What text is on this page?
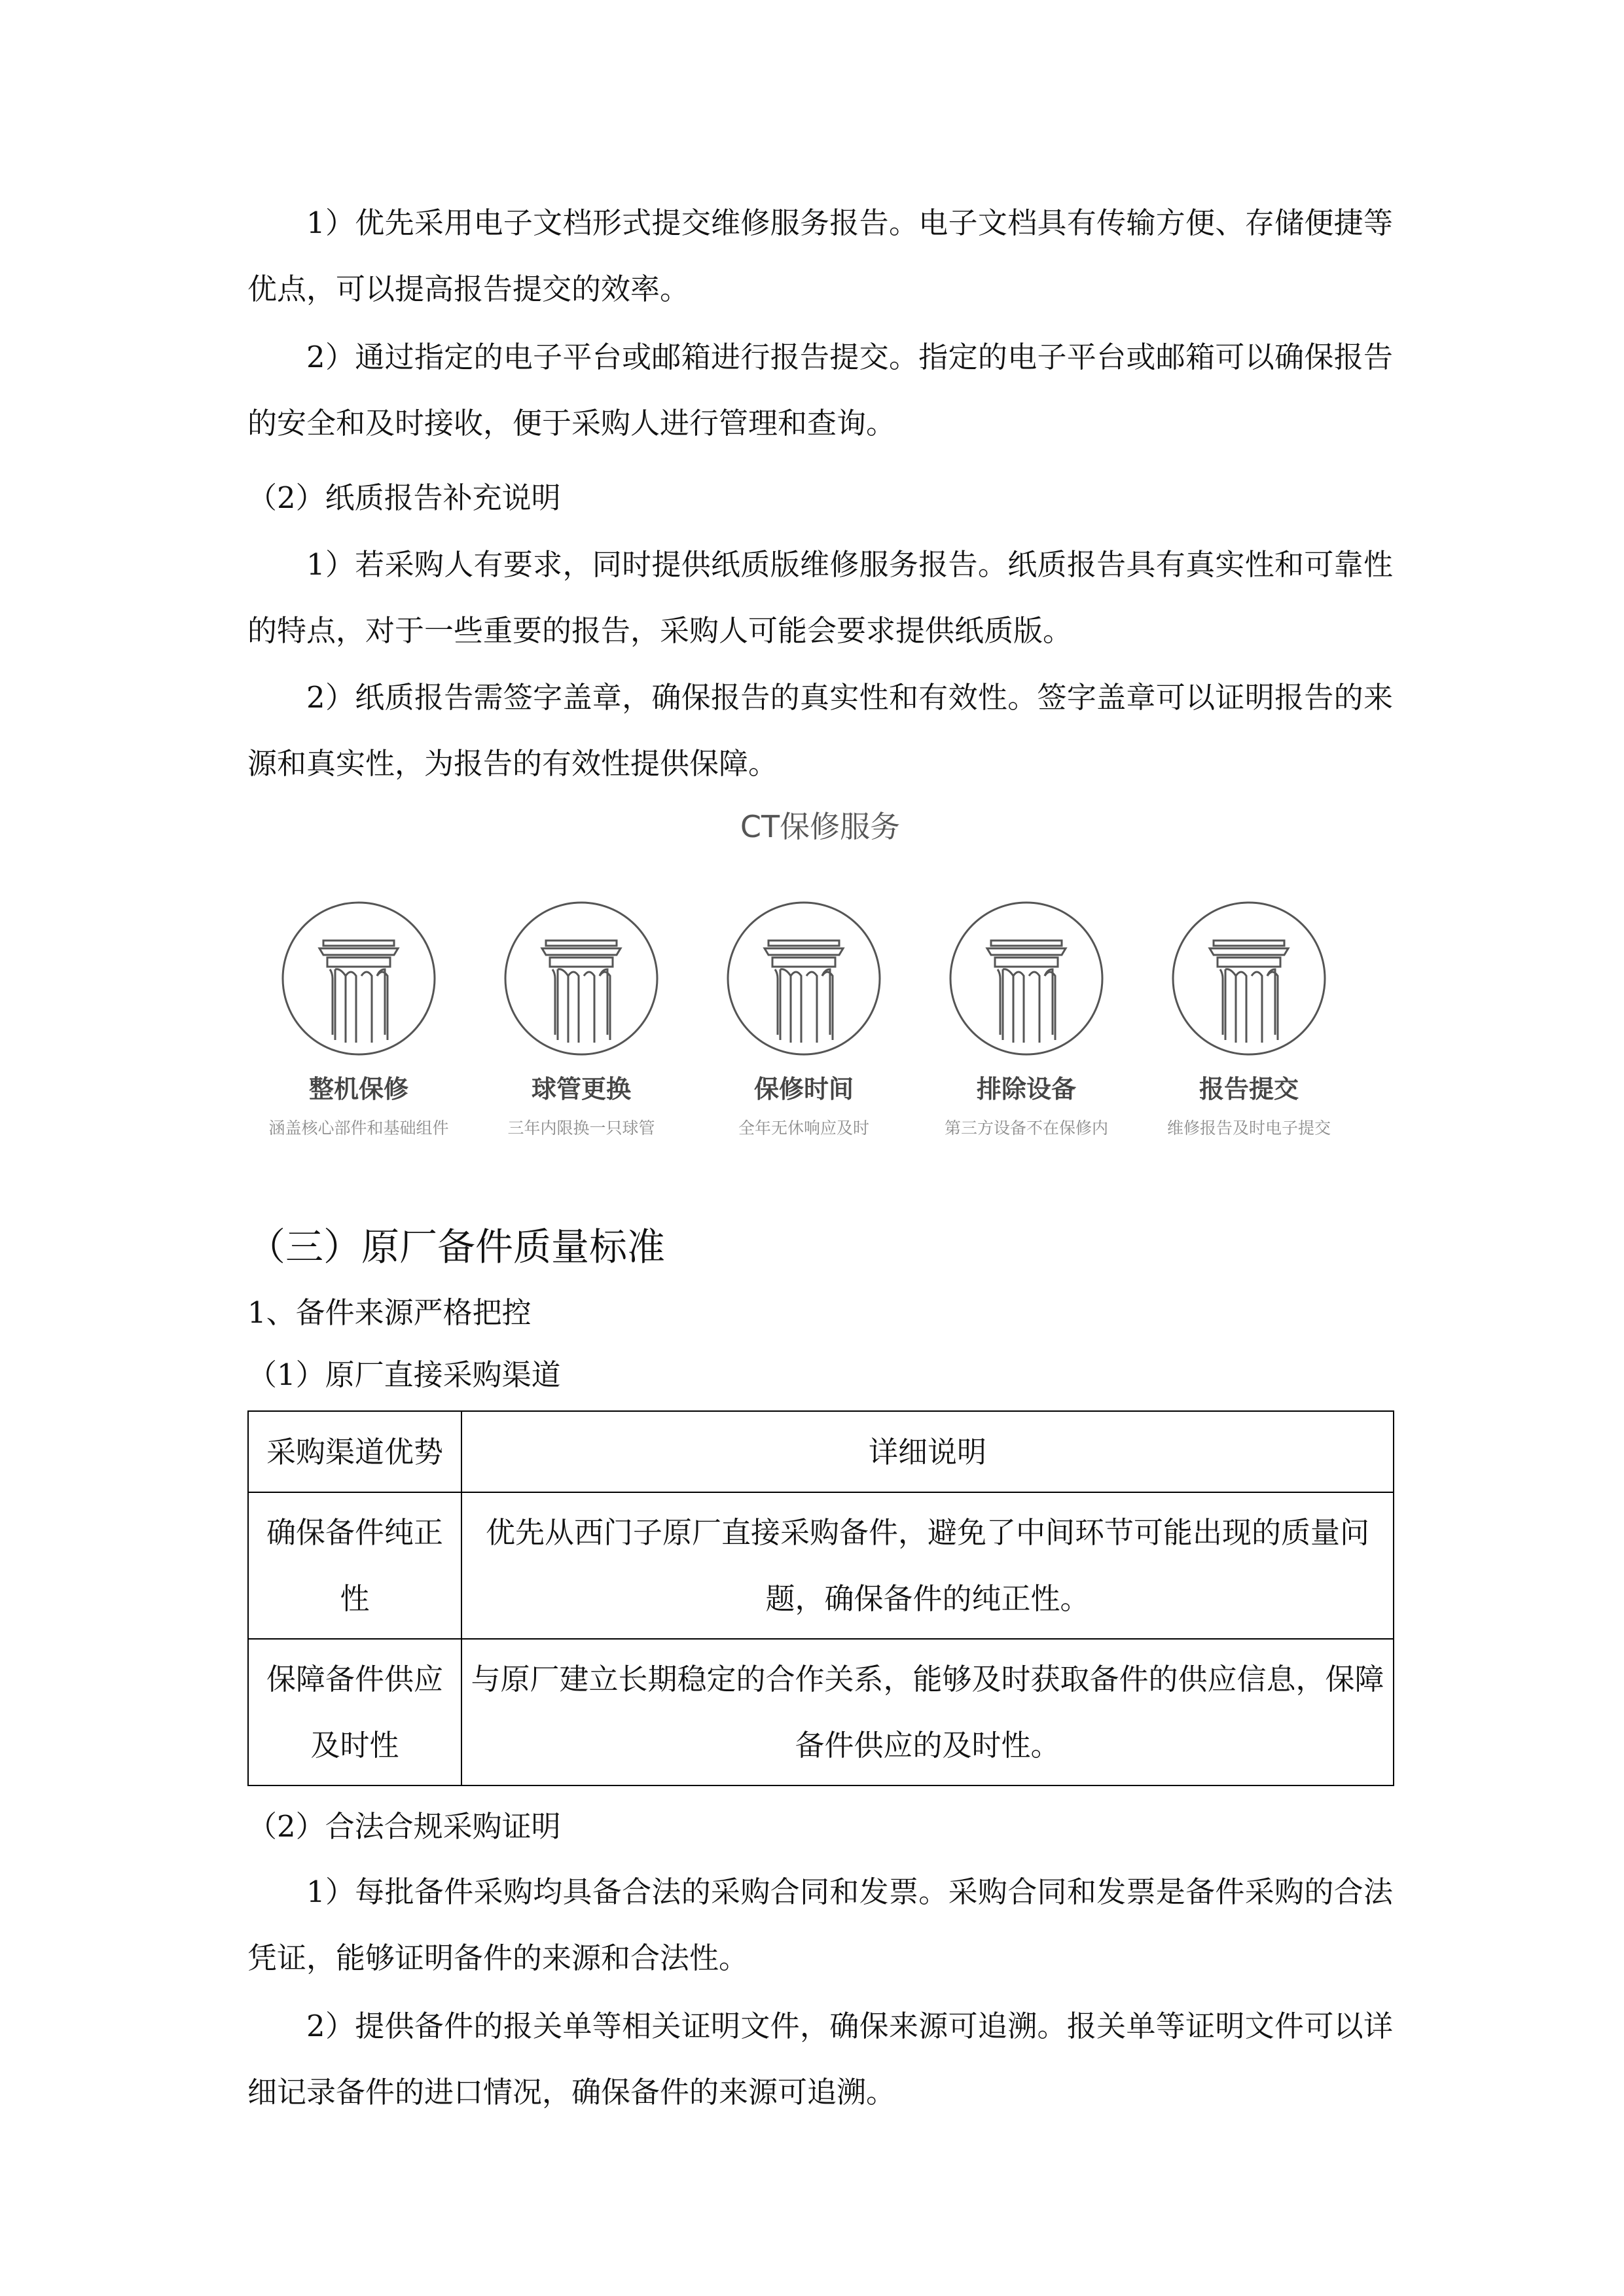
1）优先采用电子文档形式提交维修服务报告。电子文档具有传输方便、存储便捷等优点，可以提高报告提交的效率。

2）通过指定的电子平台或邮箱进行报告提交。指定的电子平台或邮箱可以确保报告的安全和及时接收，便于采购人进行管理和查询。

（2）纸质报告补充说明

1）若采购人有要求，同时提供纸质版维修服务报告。纸质报告具有真实性和可靠性的特点，对于一些重要的报告，采购人可能会要求提供纸质版。

2）纸质报告需签字盖章，确保报告的真实性和有效性。签字盖章可以证明报告的来源和真实性，为报告的有效性提供保障。

CT保修服务
整机保修
涵盖核心部件和基础组件
球管更换
三年内限换一只球管
保修时间
全年无休响应及时
排除设备
第三方设备不在保修内
报告提交
维修报告及时电子提交

（三）原厂备件质量标准

1、备件来源严格把控

（1）原厂直接采购渠道

采购渠道优势	详细说明
确保备件纯正性	优先从西门子原厂直接采购备件，避免了中间环节可能出现的质量问题，确保备件的纯正性。
保障备件供应及时性	与原厂建立长期稳定的合作关系，能够及时获取备件的供应信息，保障备件供应的及时性。

（2）合法合规采购证明

1）每批备件采购均具备合法的采购合同和发票。采购合同和发票是备件采购的合法凭证，能够证明备件的来源和合法性。

2）提供备件的报关单等相关证明文件，确保来源可追溯。报关单等证明文件可以详细记录备件的进口情况，确保备件的来源可追溯。
